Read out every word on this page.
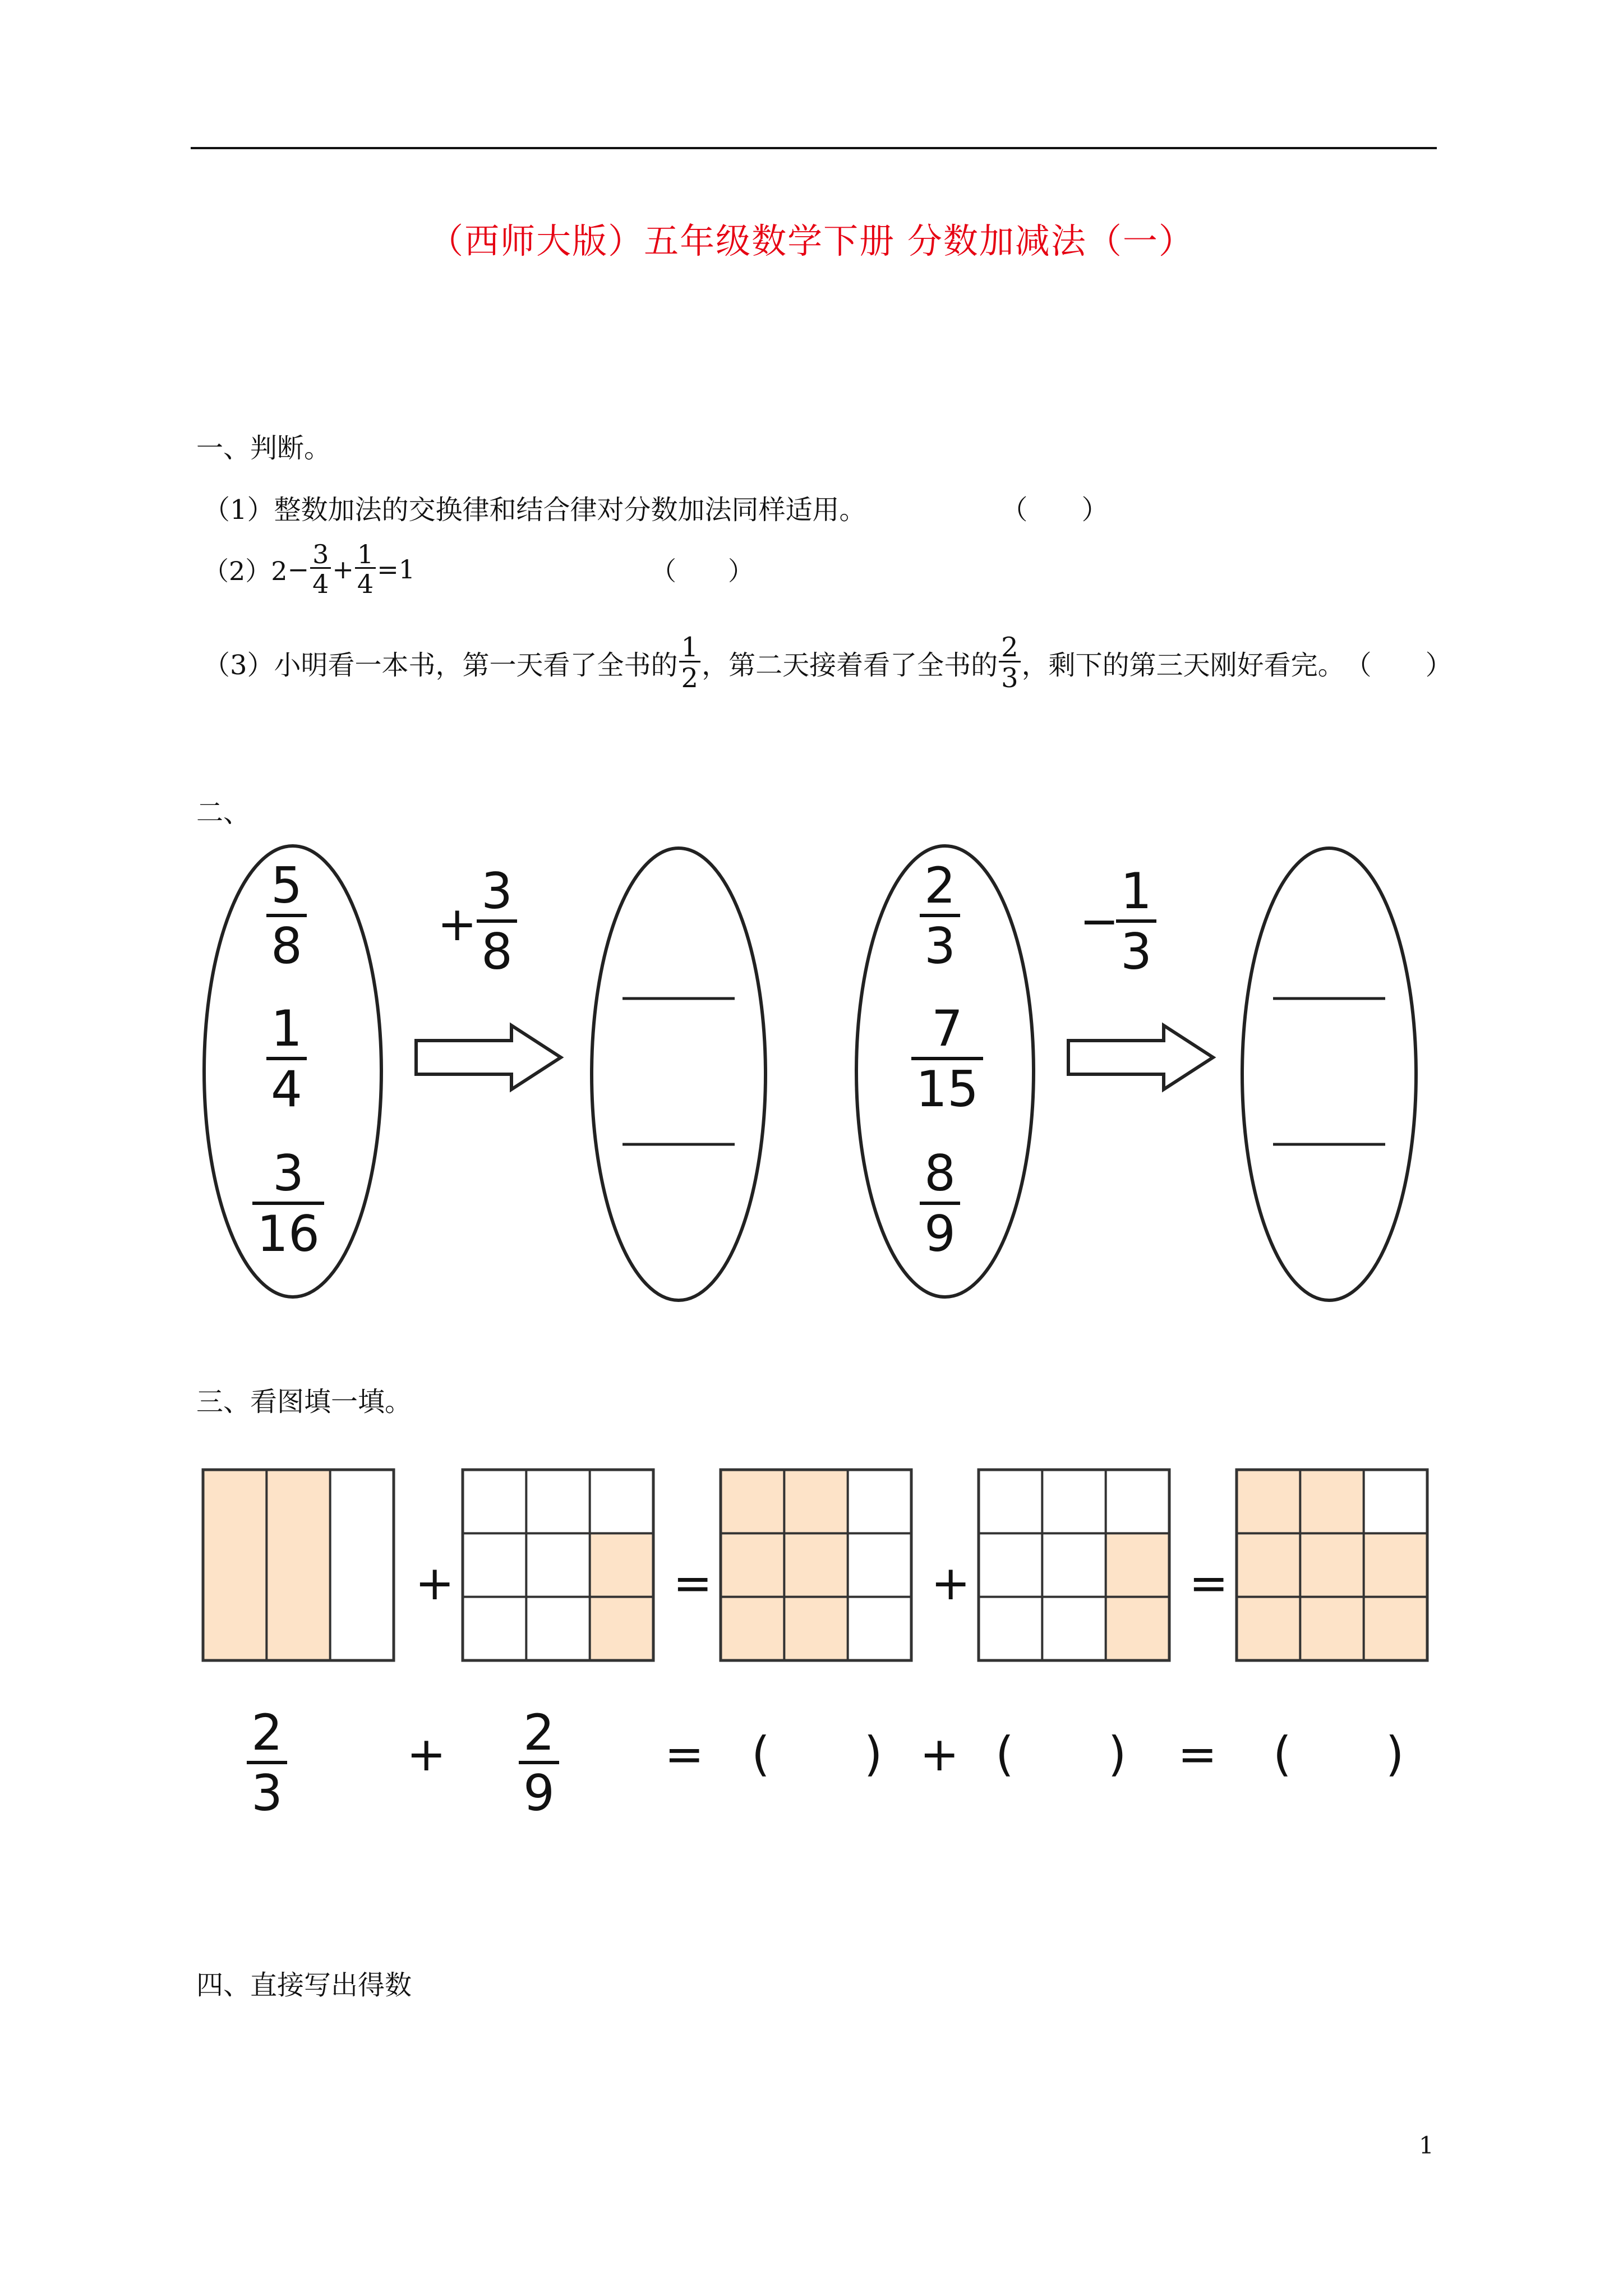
（西师大版）五年级数学下册 分数加减法（一）
一、判断。
（1）整数加法的交换律和结合律对分数加法同样适用。	（　　）
$(2)2 - \frac{3}{4} + \frac{1}{4} =1$	（　　）
（3）小明看一本书，第一天看了全书的 $\frac{1}{2}$ ，第二天接着看了全书的 $\frac{2}{3}$ ，剩下的第三天刚好看完。 （　　）
二、
5
8
1
4
3
16
+
3
8
2
3
7
15
8
9
−
1
3
三、看图填一填。
+	=	+	=
2
3
+ 2
9
= (　　) + (　　) = (　　)
四、直接写出得数
1
